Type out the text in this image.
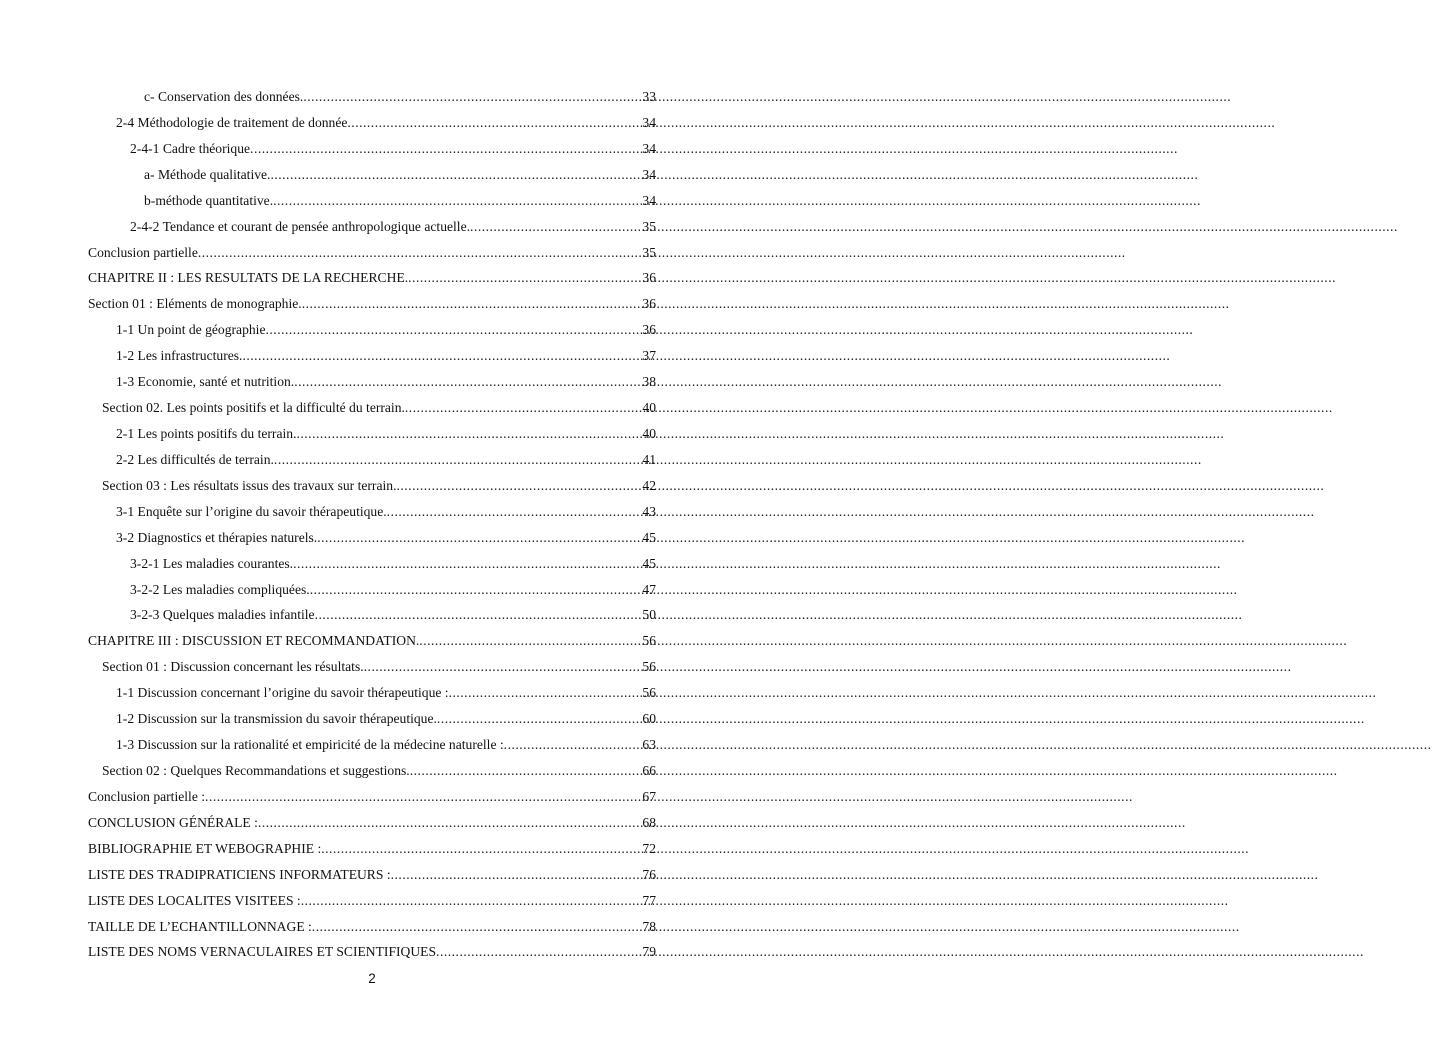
c- Conservation des données. .....	33
2-4 Méthodologie de traitement de donnée .....	34
2-4-1 Cadre théorique .....	34
a- Méthode qualitative. .....	34
b-méthode quantitative. .....	34
2-4-2 Tendance et courant de pensée anthropologique actuelle. .....	35
Conclusion partielle .....	35
CHAPITRE II : LES RESULTATS DE LA RECHERCHE. .....	36
Section 01 : Eléments de monographie. .....	36
1-1 Un point de géographie .....	36
1-2 Les infrastructures. .....	37
1-3 Economie, santé et nutrition. .....	38
Section 02. Les points positifs et la difficulté du terrain. .....	40
2-1 Les points positifs du terrain. .....	40
2-2 Les difficultés de terrain. .....	41
Section 03 : Les résultats issus des travaux sur terrain. .....	42
3-1 Enquête sur l’origine du savoir thérapeutique. .....	43
3-2 Diagnostics et thérapies naturels. .....	45
3-2-1 Les maladies courantes. .....	45
3-2-2 Les maladies compliquées. .....	47
3-2-3 Quelques maladies infantile .....	50
CHAPITRE III : DISCUSSION ET RECOMMANDATION. .....	56
Section 01 : Discussion concernant les résultats. .....	56
1-1 Discussion concernant l’origine du savoir thérapeutique : .....	56
1-2 Discussion sur la transmission du savoir thérapeutique. .....	60
1-3 Discussion sur la rationalité et empiricité de la médecine naturelle : .....	63
Section 02 : Quelques Recommandations et suggestions. .....	66
Conclusion partielle : .....	67
CONCLUSION GÉNÉRALE : .....	68
BIBLIOGRAPHIE ET WEBOGRAPHIE : .....	72
LISTE DES TRADIPRATICIENS INFORMATEURS : .....	76
LISTE DES LOCALITES VISITEES : .....	77
TAILLE DE L’ECHANTILLONNAGE : .....	78
LISTE DES NOMS VERNACULAIRES ET SCIENTIFIQUES .....	79
2
